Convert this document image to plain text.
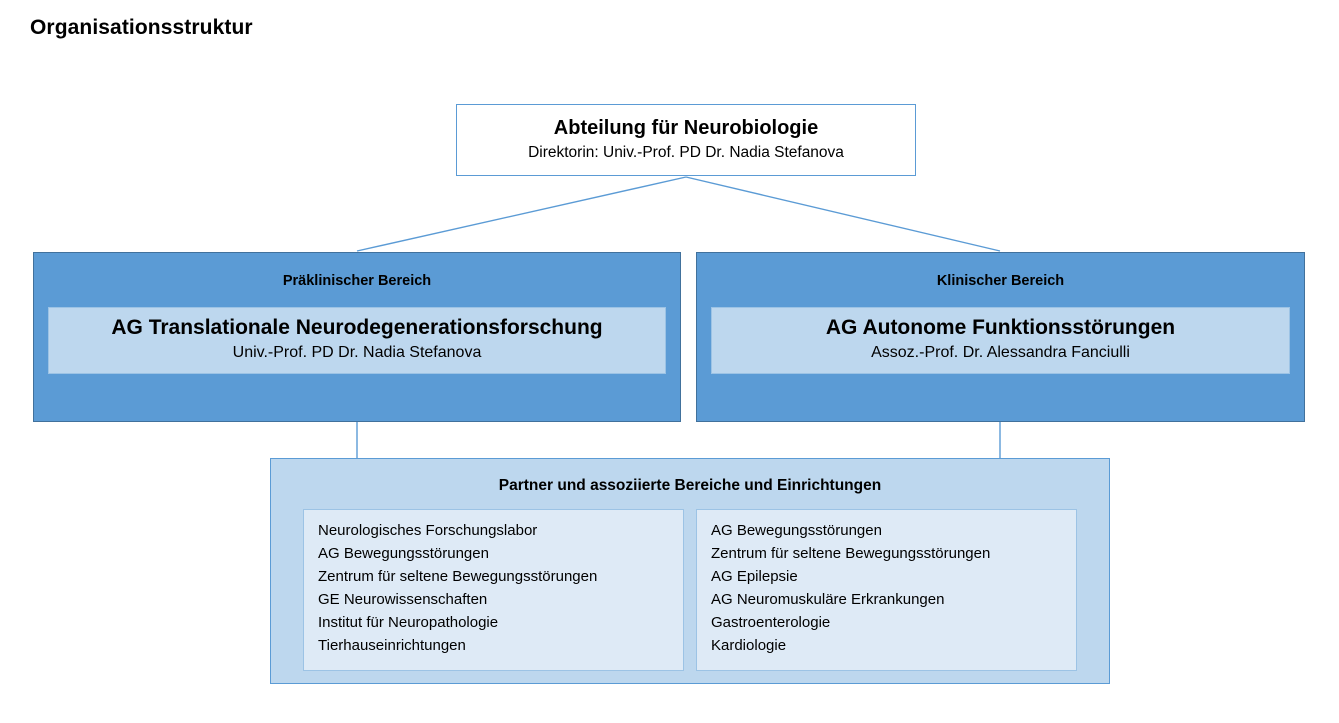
Organisationsstruktur
Abteilung für Neurobiologie
Direktorin: Univ.-Prof. PD Dr. Nadia Stefanova
Präklinischer Bereich
AG Translationale Neurodegenerationsforschung
Univ.-Prof. PD Dr. Nadia Stefanova
Klinischer Bereich
AG Autonome Funktionsstörungen
Assoz.-Prof. Dr. Alessandra Fanciulli
Partner und assoziierte Bereiche und Einrichtungen
Neurologisches Forschungslabor
AG Bewegungsstörungen
Zentrum für seltene Bewegungsstörungen
GE Neurowissenschaften
Institut für Neuropathologie
Tierhauseinrichtungen
AG Bewegungsstörungen
Zentrum für seltene Bewegungsstörungen
AG Epilepsie
AG Neuromuskuläre Erkrankungen
Gastroenterologie
Kardiologie
